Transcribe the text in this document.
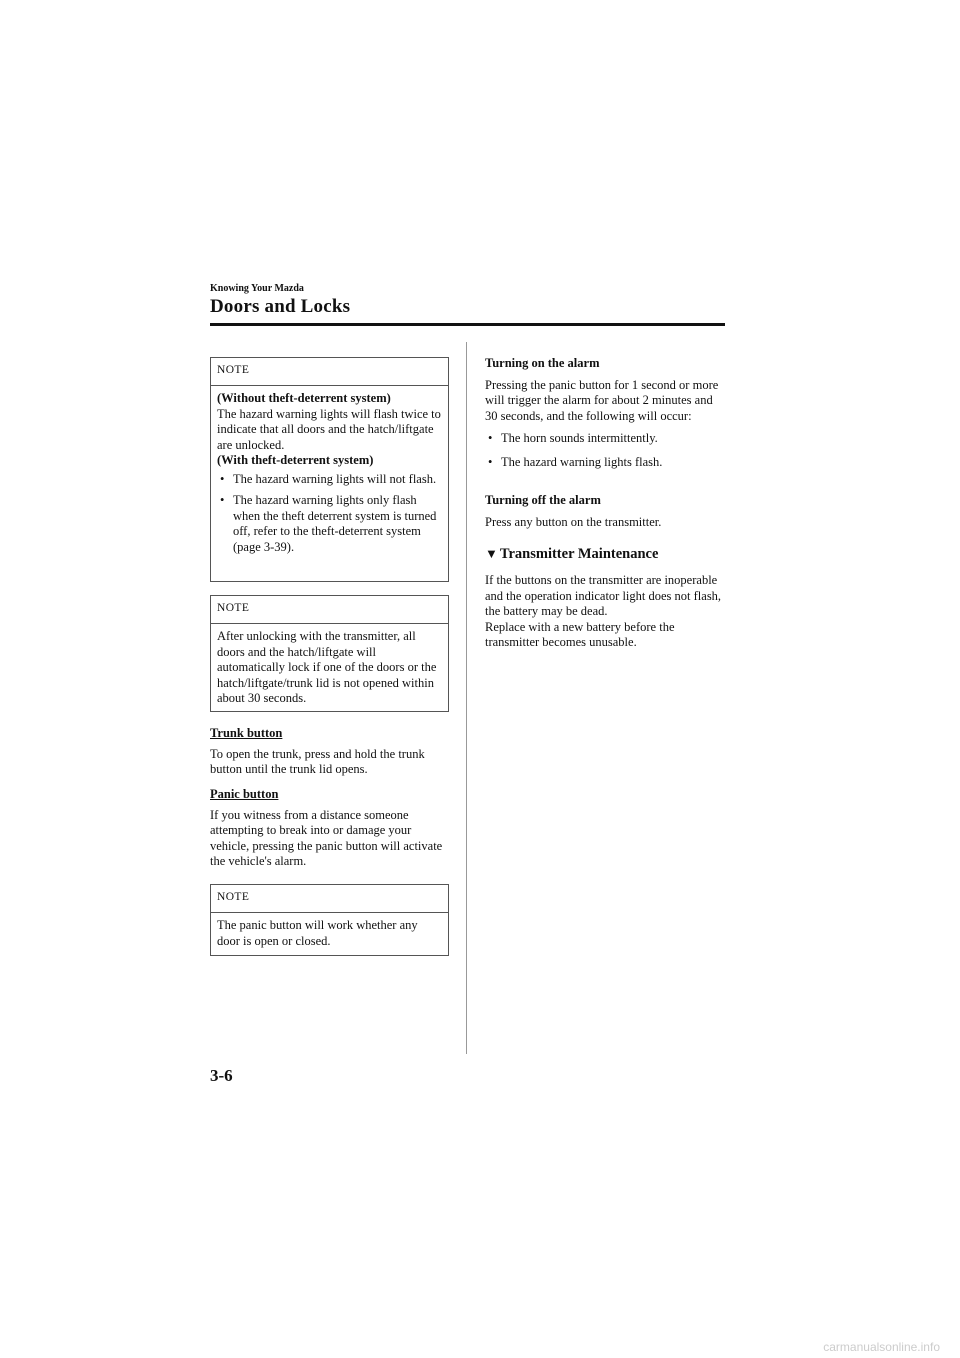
Knowing Your Mazda
Doors and Locks
NOTE

(Without theft-deterrent system)

The hazard warning lights will flash twice to indicate that all doors and the hatch/liftgate are unlocked.

(With theft-deterrent system)

• The hazard warning lights will not flash.
• The hazard warning lights only flash when the theft deterrent system is turned off, refer to the theft-deterrent system (page 3-39).
NOTE

After unlocking with the transmitter, all doors and the hatch/liftgate will automatically lock if one of the doors or the hatch/liftgate/trunk lid is not opened within about 30 seconds.

Trunk button

To open the trunk, press and hold the trunk button until the trunk lid opens.

Panic button

If you witness from a distance someone attempting to break into or damage your vehicle, pressing the panic button will activate the vehicle's alarm.

NOTE

The panic button will work whether any door is open or closed.

Turning on the alarm

Pressing the panic button for 1 second or more will trigger the alarm for about 2 minutes and 30 seconds, and the following will occur:

• The horn sounds intermittently.
• The hazard warning lights flash.

Turning off the alarm

Press any button on the transmitter.

▼ Transmitter Maintenance

If the buttons on the transmitter are inoperable and the operation indicator light does not flash, the battery may be dead.

Replace with a new battery before the transmitter becomes unusable.

3-6
carmanualsonline.info
